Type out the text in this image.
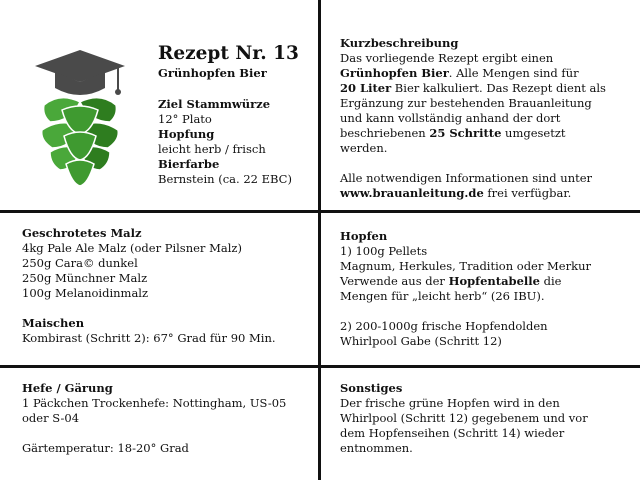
Rezept Nr. 13
Grünhopfen Bier
Ziel Stammwürze
12° Plato
Hopfung
leicht herb / frisch
Bierfarbe
Bernstein (ca. 22 EBC)
Kurzbeschreibung
Das vorliegende Rezept ergibt einen
Grünhopfen Bier. Alle Mengen sind für
20 Liter Bier kalkuliert. Das Rezept dient als
Ergänzung zur bestehenden Brauanleitung
und kann vollständig anhand der dort
beschriebenen 25 Schritte umgesetzt
werden.
Alle notwendigen Informationen sind unter
www.brauanleitung.de frei verfügbar.
Geschrotetes Malz
4kg Pale Ale Malz (oder Pilsner Malz)
250g Cara© dunkel
250g Münchner Malz
100g Melanoidinmalz
Maischen
Kombirast (Schritt 2): 67° Grad für 90 Min.
Hopfen
1) 100g Pellets
Magnum, Herkules, Tradition oder Merkur
Verwende aus der Hopfentabelle die
Mengen für „leicht herb“ (26 IBU).
2) 200-1000g frische Hopfendolden
Whirlpool Gabe (Schritt 12)
Hefe / Gärung
1 Päckchen Trockenhefe: Nottingham, US-05
oder S-04
Gärtemperatur: 18-20° Grad
Sonstiges
Der frische grüne Hopfen wird in den
Whirlpool (Schritt 12) gegebenem und vor
dem Hopfenseihen (Schritt 14) wieder
entnommen.
